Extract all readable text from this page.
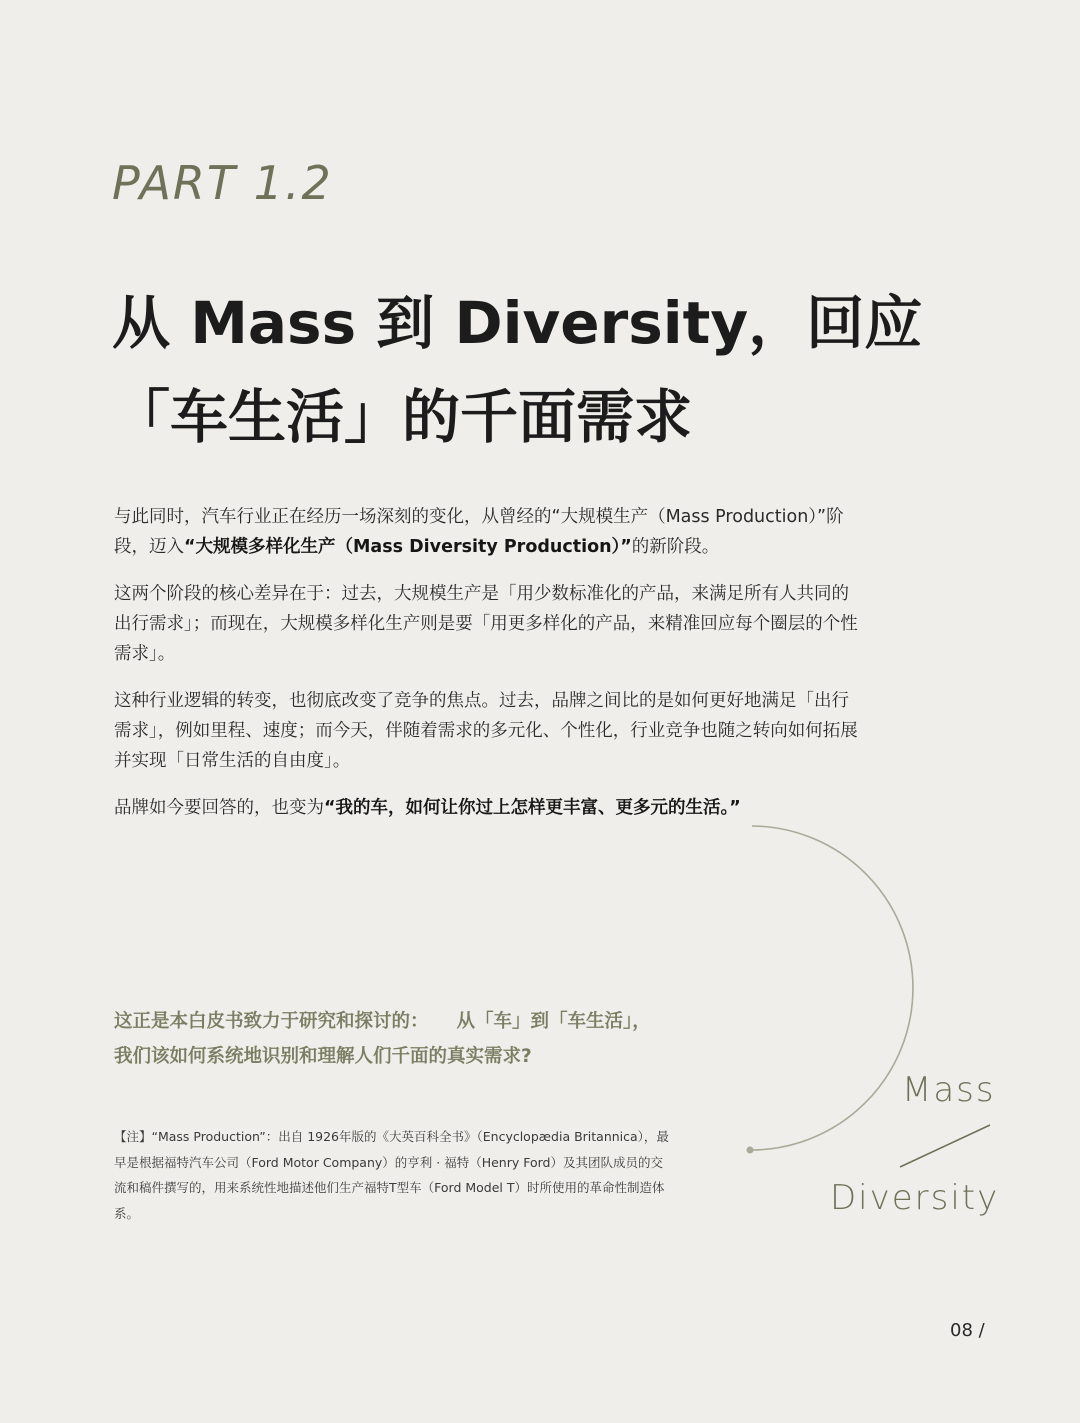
PART 1.2
从 Mass 到 Diversity，回应
「车生活」的千面需求

与此同时，汽车行业正在经历一场深刻的变化，从曾经的“大规模生产（Mass Production）”阶段，迈入“大规模多样化生产（Mass Diversity Production）”的新阶段。

这两个阶段的核心差异在于：过去，大规模生产是「用少数标准化的产品，来满足所有人共同的出行需求」；而现在，大规模多样化生产则是要「用更多样化的产品，来精准回应每个圈层的个性需求」。

这种行业逻辑的转变，也彻底改变了竞争的焦点。过去，品牌之间比的是如何更好地满足「出行需求」，例如里程、速度；而今天，伴随着需求的多元化、个性化，行业竞争也随之转向如何拓展并实现「日常生活的自由度」。

品牌如今要回答的，也变为“我的车，如何让你过上怎样更丰富、更多元的生活。”

Mass
Diversity
这正是本白皮书致力于研究和探讨的： 从「车」到「车生活」，
我们该如何系统地识别和理解人们千面的真实需求?
【注】“Mass Production”：出自 1926年版的《大英百科全书》（Encyclopædia Britannica），最早是根据福特汽车公司（Ford Motor Company）的亨利 · 福特（Henry Ford）及其团队成员的交流和稿件撰写的，用来系统性地描述他们生产福特T型车（Ford Model T）时所使用的革命性制造体系。
08 /
